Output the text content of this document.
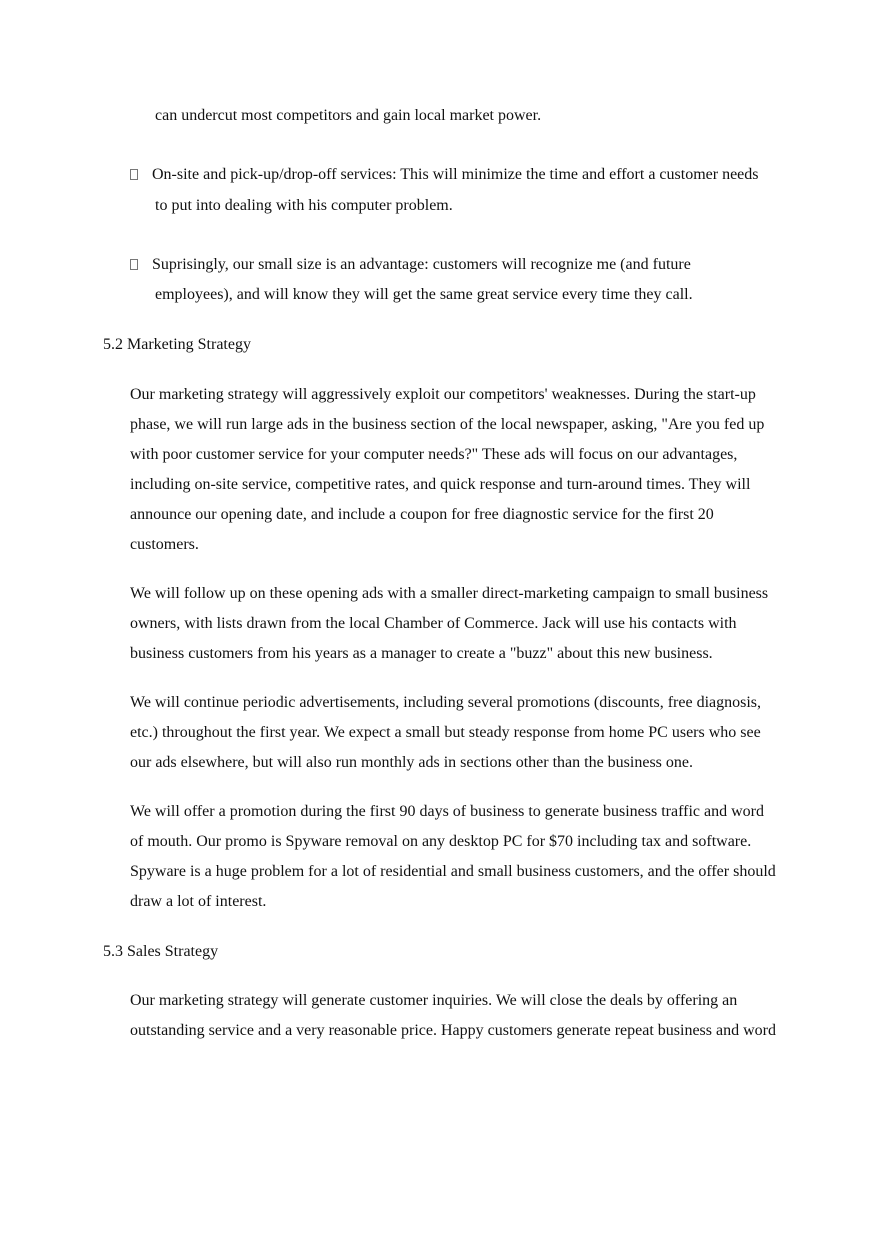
can undercut most competitors and gain local market power.

On-site and pick-up/drop-off services: This will minimize the time and effort a customer needs

to put into dealing with his computer problem.

Suprisingly, our small size is an advantage: customers will recognize me (and future

employees), and will know they will get the same great service every time they call.

5.2 Marketing Strategy
Our marketing strategy will aggressively exploit our competitors' weaknesses. During the start-up
phase, we will run large ads in the business section of the local newspaper, asking, "Are you fed up
with poor customer service for your computer needs?" These ads will focus on our advantages,
including on-site service, competitive rates, and quick response and turn-around times. They will
announce our opening date, and include a coupon for free diagnostic service for the first 20
customers.
We will follow up on these opening ads with a smaller direct-marketing campaign to small business
owners, with lists drawn from the local Chamber of Commerce. Jack will use his contacts with
business customers from his years as a manager to create a "buzz" about this new business.
We will continue periodic advertisements, including several promotions (discounts, free diagnosis,
etc.) throughout the first year. We expect a small but steady response from home PC users who see
our ads elsewhere, but will also run monthly ads in sections other than the business one.
We will offer a promotion during the first 90 days of business to generate business traffic and word
of mouth. Our promo is Spyware removal on any desktop PC for $70 including tax and software.
Spyware is a huge problem for a lot of residential and small business customers, and the offer should
draw a lot of interest.
5.3 Sales Strategy
Our marketing strategy will generate customer inquiries. We will close the deals by offering an
outstanding service and a very reasonable price. Happy customers generate repeat business and word
